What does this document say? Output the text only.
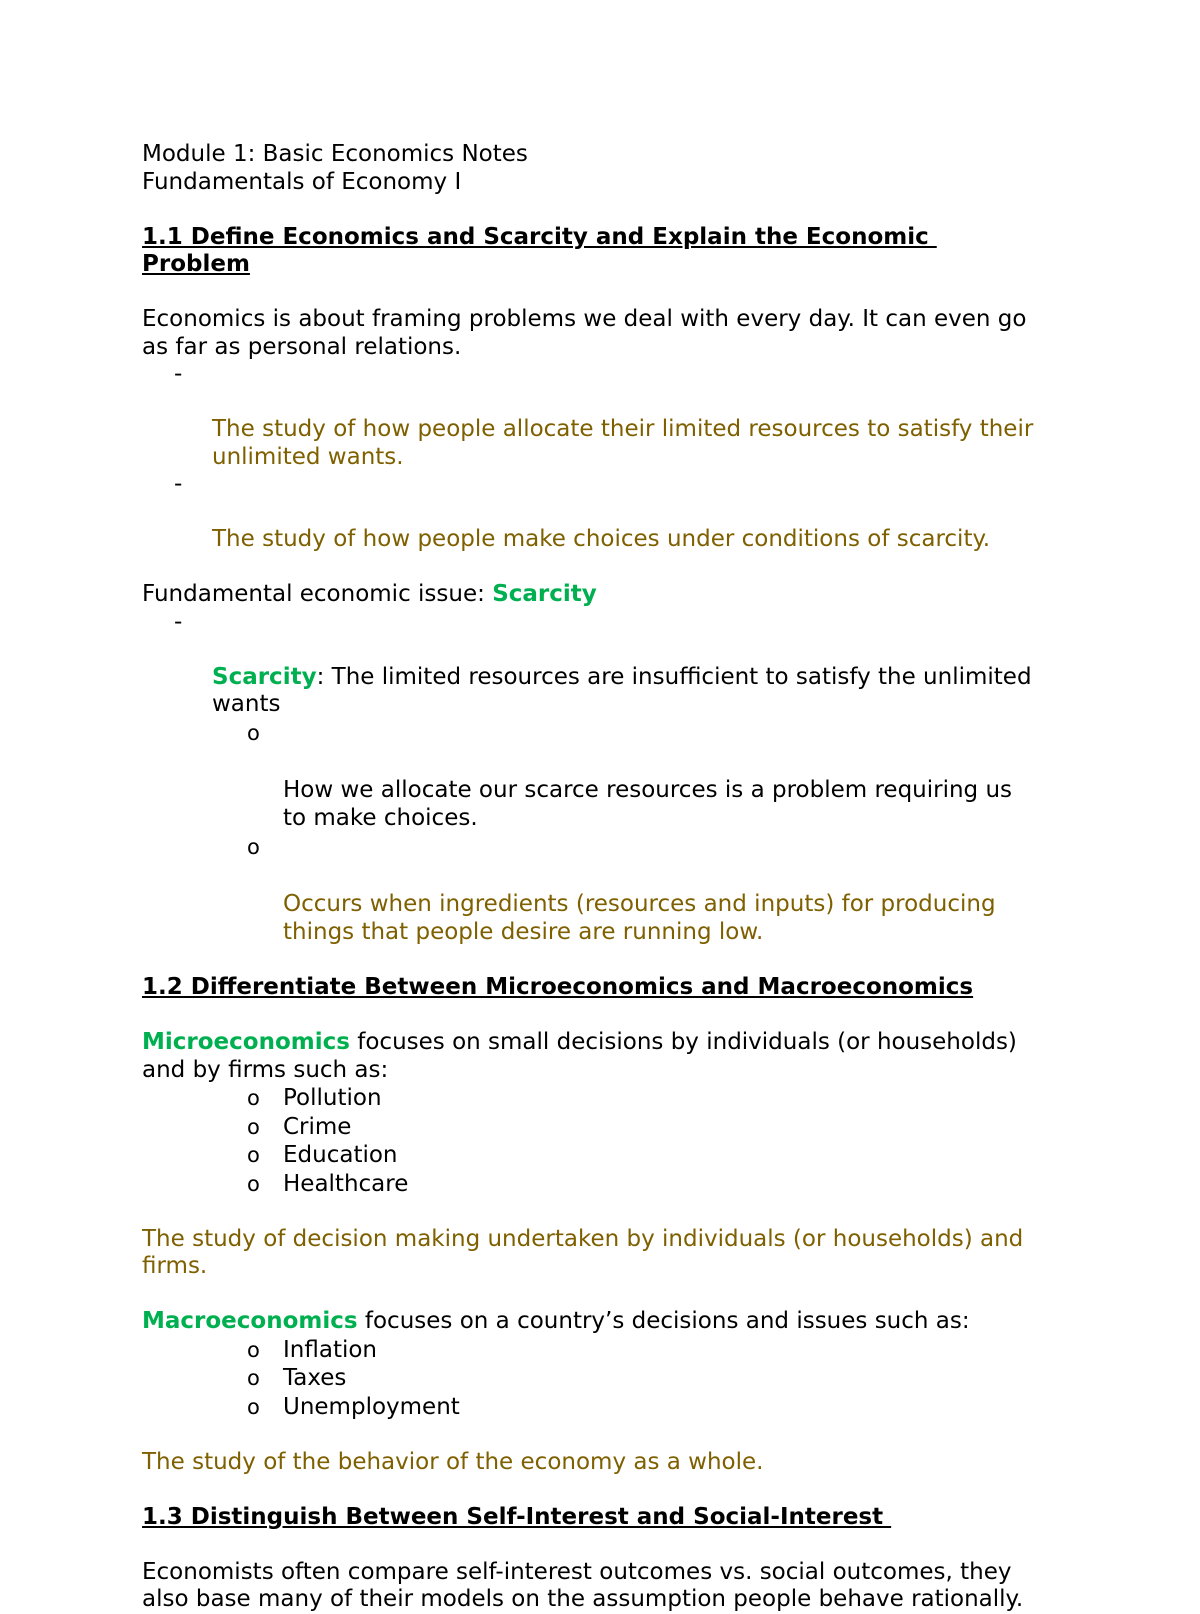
Module 1: Basic Economics Notes
Fundamentals of Economy I
1.1 Define Economics and Scarcity and Explain the Economic
Problem
Economics is about framing problems we deal with every day. It can even go
as far as personal relations.

-

The study of how people allocate their limited resources to satisfy their
unlimited wants.

-

The study of how people make choices under conditions of scarcity.

Fundamental economic issue: Scarcity

-

Scarcity: The limited resources are insufficient to satisfy the unlimited
wants

o

How we allocate our scarce resources is a problem requiring us
to make choices.

o

Occurs when ingredients (resources and inputs) for producing
things that people desire are running low.

1.2 Differentiate Between Microeconomics and Macroeconomics
Microeconomics focuses on small decisions by individuals (or households)
and by firms such as:
o Pollution
o Crime
o Education
o Healthcare
The study of decision making undertaken by individuals (or households) and
firms.
Macroeconomics focuses on a country’s decisions and issues such as:
o Inflation
o Taxes
o Unemployment
The study of the behavior of the economy as a whole.
1.3 Distinguish Between Self-Interest and Social-Interest
Economists often compare self-interest outcomes vs. social outcomes, they
also base many of their models on the assumption people behave rationally.
